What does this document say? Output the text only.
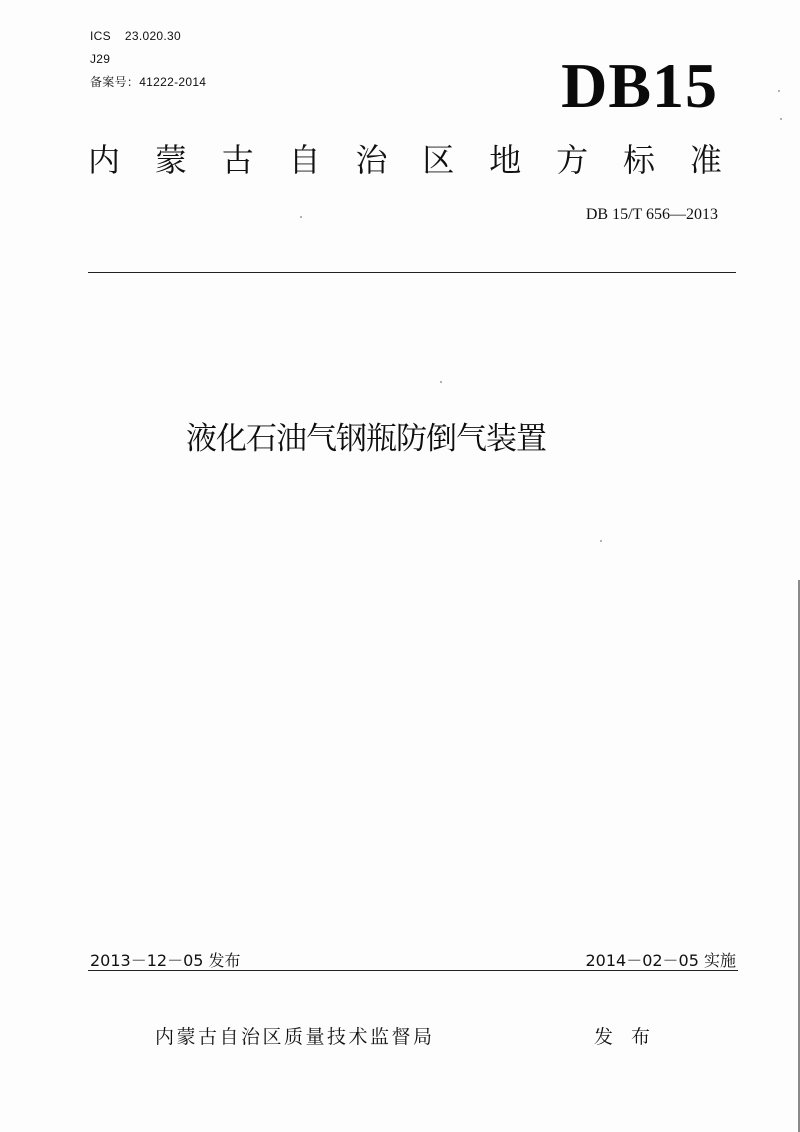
ICS 23.020.30
J29
备案号：41222-2014	DB15
内 蒙 古 自 治 区 地 方 标 准
DB 15/T 656—2013
液化石油气钢瓶防倒气装置
2013－12－05 发布	2014－02－05 实施
内蒙古自治区质量技术监督局	发 布
